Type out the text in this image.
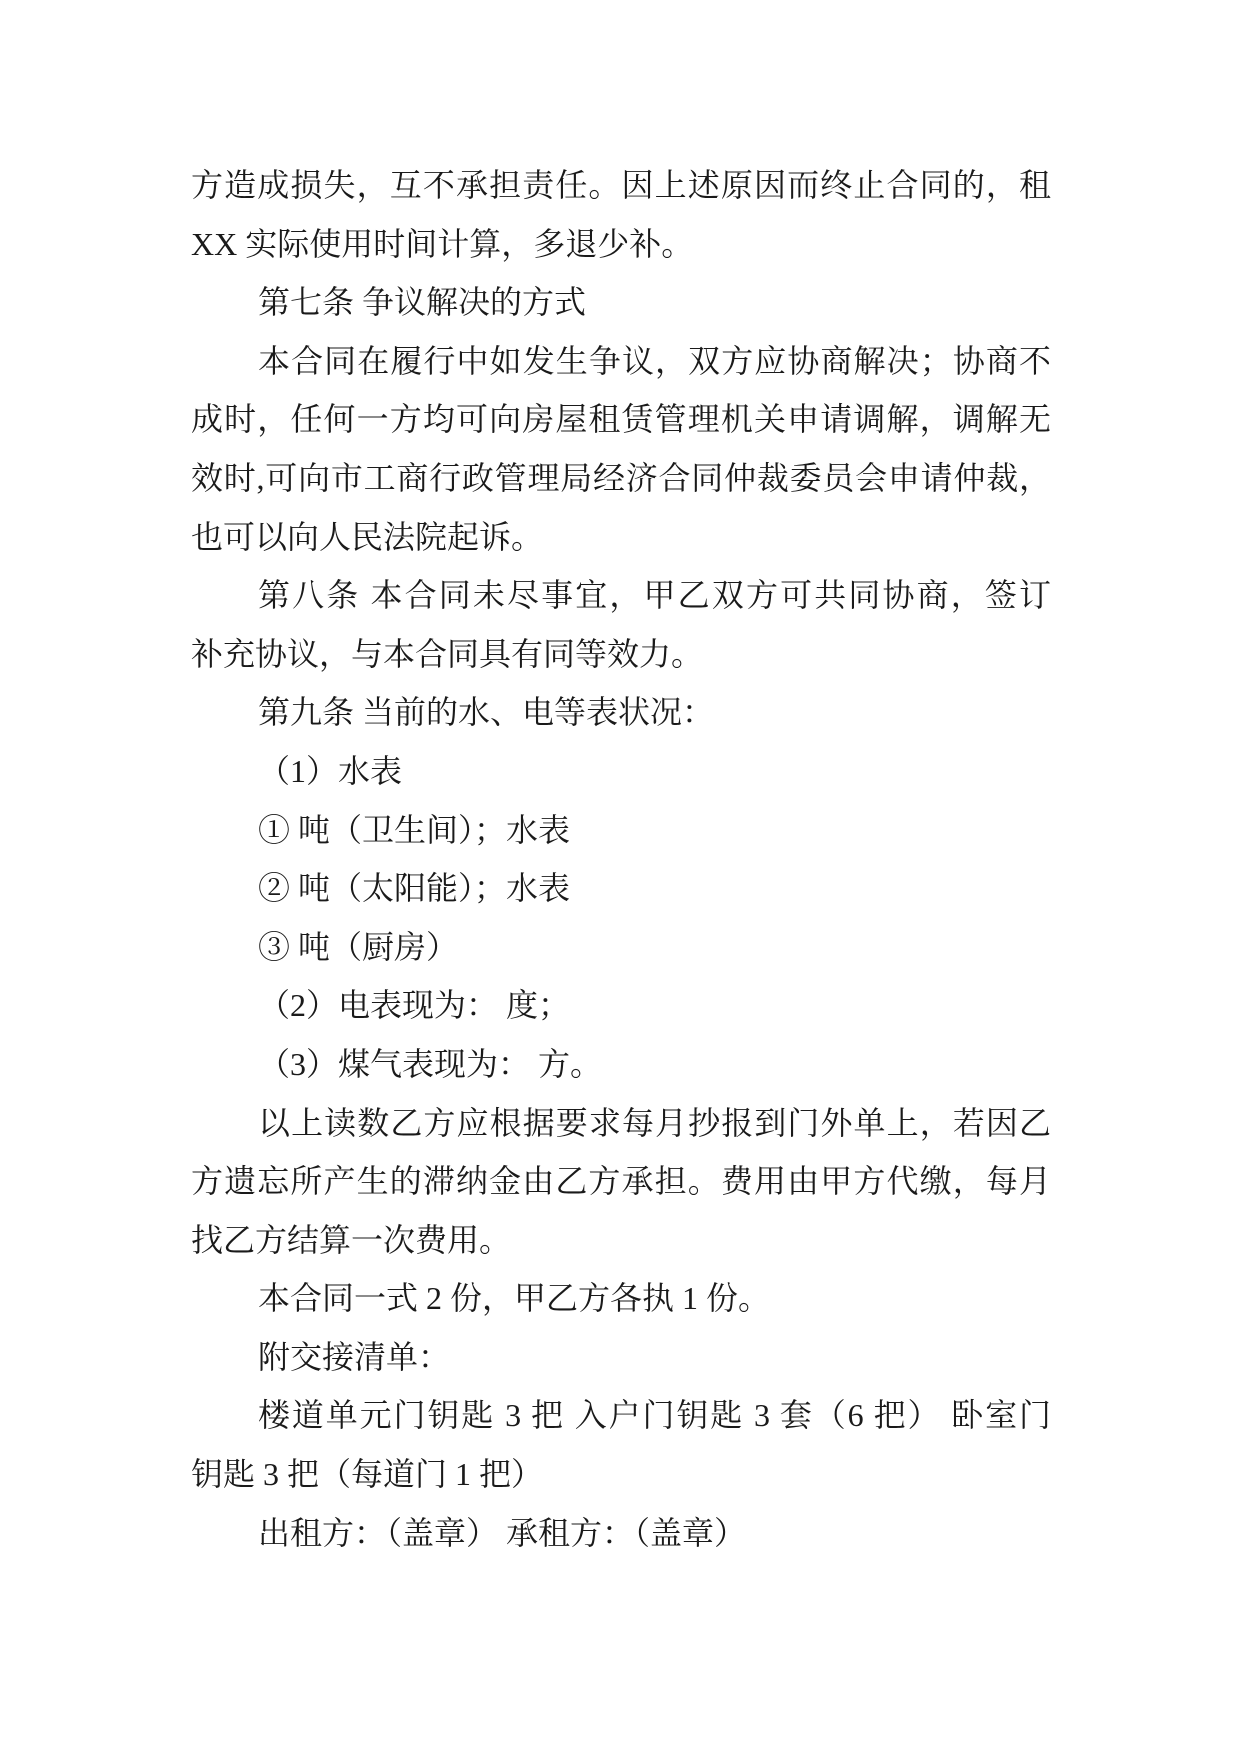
方造成损失，互不承担责任。因上述原因而终止合同的，租
XX 实际使用时间计算，多退少补。
第七条 争议解决的方式
本合同在履行中如发生争议，双方应协商解决；协商不
成时，任何一方均可向房屋租赁管理机关申请调解，调解无
效时,可向市工商行政管理局经济合同仲裁委员会申请仲裁，
也可以向人民法院起诉。
第八条 本合同未尽事宜，甲乙双方可共同协商，签订
补充协议，与本合同具有同等效力。
第九条 当前的水、电等表状况：
（1）水表
① 吨（卫生间）；水表
② 吨（太阳能）；水表
③ 吨（厨房）
（2）电表现为： 度；
（3）煤气表现为： 方。
以上读数乙方应根据要求每月抄报到门外单上，若因乙
方遗忘所产生的滞纳金由乙方承担。费用由甲方代缴，每月
找乙方结算一次费用。
本合同一式 2 份，甲乙方各执 1 份。
附交接清单：
楼道单元门钥匙 3 把 入户门钥匙 3 套（6 把） 卧室门
钥匙 3 把（每道门 1 把）
出租方：（盖章） 承租方：（盖章）
